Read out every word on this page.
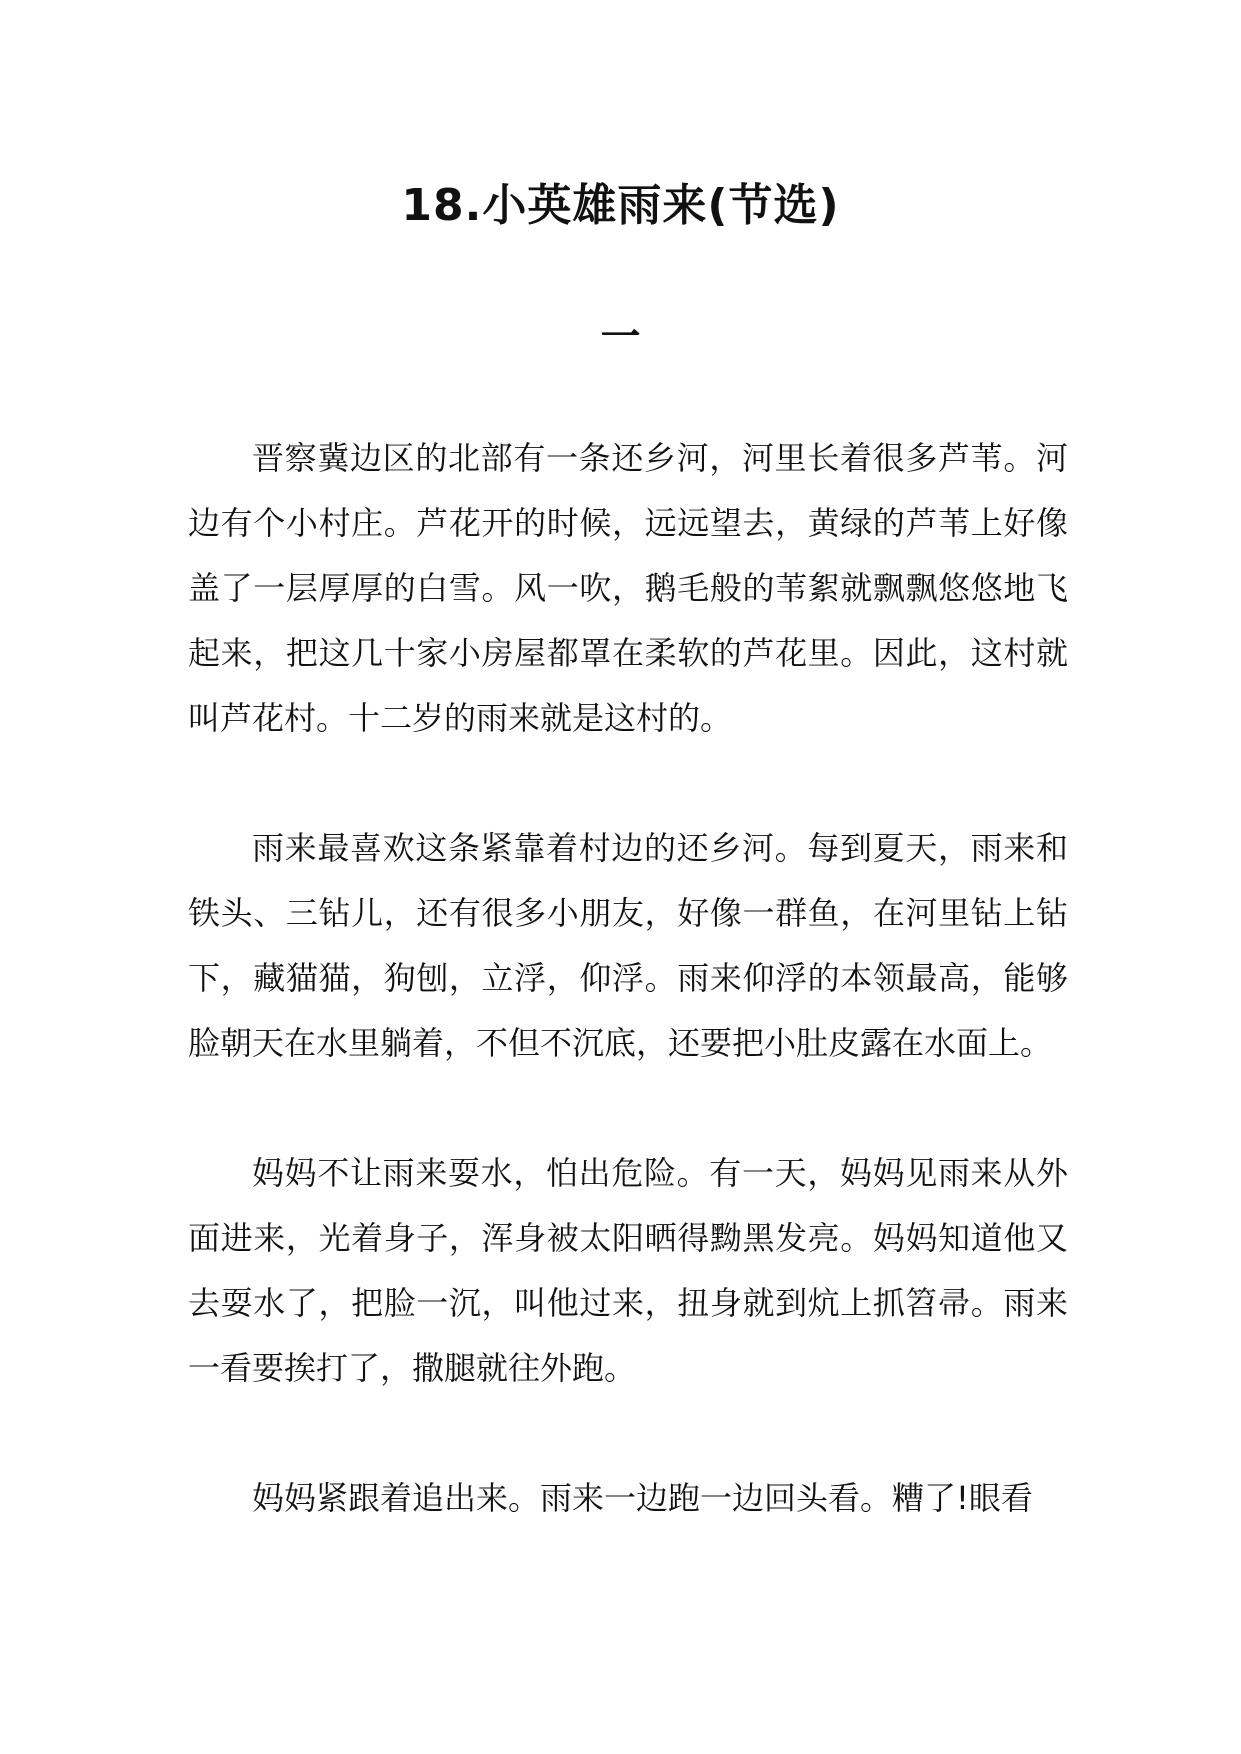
18.小英雄雨来(节选)
一

晋察冀边区的北部有一条还乡河，河里长着很多芦苇。河边有个小村庄。芦花开的时候，远远望去，黄绿的芦苇上好像盖了一层厚厚的白雪。风一吹，鹅毛般的苇絮就飘飘悠悠地飞起来，把这几十家小房屋都罩在柔软的芦花里。因此，这村就叫芦花村。十二岁的雨来就是这村的。

雨来最喜欢这条紧靠着村边的还乡河。每到夏天，雨来和铁头、三钻儿，还有很多小朋友，好像一群鱼，在河里钻上钻下，藏猫猫，狗刨，立浮，仰浮。雨来仰浮的本领最高，能够脸朝天在水里躺着，不但不沉底，还要把小肚皮露在水面上。

妈妈不让雨来耍水，怕出危险。有一天，妈妈见雨来从外面进来，光着身子，浑身被太阳晒得黝黑发亮。妈妈知道他又去耍水了，把脸一沉，叫他过来，扭身就到炕上抓笤帚。雨来一看要挨打了，撒腿就往外跑。

妈妈紧跟着追出来。雨来一边跑一边回头看。糟了!眼看
